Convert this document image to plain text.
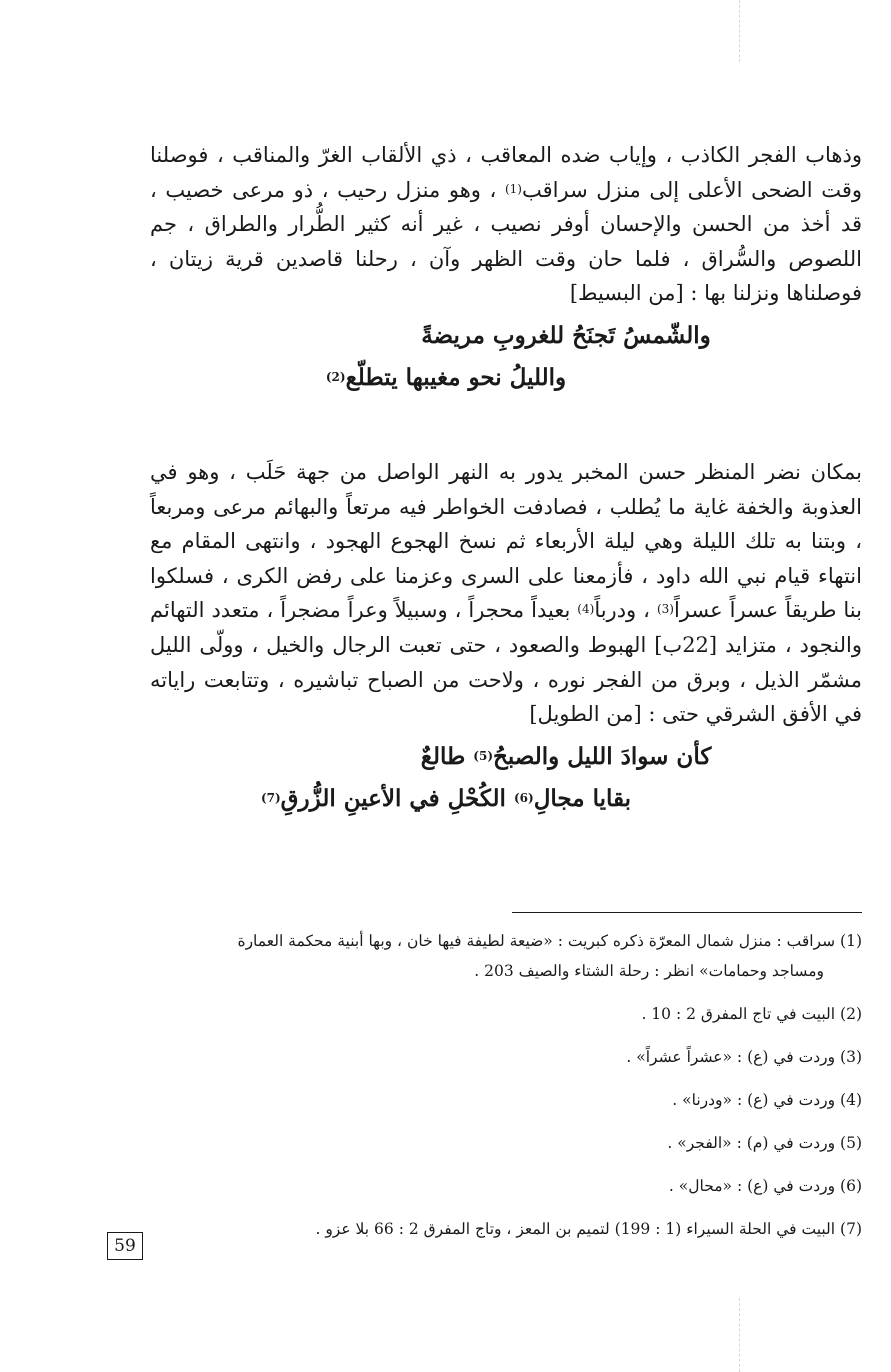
وذهاب الفجر الكاذب ، وإياب ضده المعاقب ، ذي الألقاب الغرّ والمناقب ، فوصلنا وقت الضحى الأعلى إلى منزل سراقب$^{(1)}$ ، وهو منزل رحيب ، ذو مرعى خصيب ، قد أخذ من الحسن والإحسان أوفر نصيب ، غير أنه كثير الطُّرار والطراق ، جم اللصوص والسُّراق ، فلما حان وقت الظهر وآن ، رحلنا قاصدين قرية زيتان ، فوصلناها ونزلنا بها : [من البسيط]

والشّمسُ تَجنَحُ للغروبِ مريضةً
والليلُ نحو مغيبها يتطلّع$^{(2)}$

بمكان نضر المنظر حسن المخبر يدور به النهر الواصل من جهة حَلَب ، وهو في العذوبة والخفة غاية ما يُطلب ، فصادفت الخواطر فيه مرتعاً والبهائم مرعى ومربعاً ، وبتنا به تلك الليلة وهي ليلة الأربعاء ثم نسخ الهجوع الهجود ، وانتهى المقام مع انتهاء قيام نبي الله داود ، فأزمعنا على السرى وعزمنا على رفض الكرى ، فسلكوا بنا طريقاً عسراً عسراً$^{(3)}$ ، ودرباً$^{(4)}$ بعيداً محجراً ، وسبيلاً وعراً مضجراً ، متعدد التهائم والنجود ، متزايد [22ب] الهبوط والصعود ، حتى تعبت الرجال والخيل ، وولّى الليل مشمّر الذيل ، وبرق من الفجر نوره ، ولاحت من الصباح تباشيره ، وتتابعت راياته في الأفق الشرقي حتى : [من الطويل]

كأن سوادَ الليل والصبحُ$^{(5)}$ طالعٌ
بقايا مجالِ$^{(6)}$ الكُحْلِ في الأعينِ الزُّرقِ$^{(7)}$

(1) سراقب : منزل شمال المعرّة ذكره كبريت : «ضيعة لطيفة فيها خان ، وبها أبنية محكمة العمارة

ومساجد وحمامات» انظر : رحلة الشتاء والصيف 203 .

(2) البيت في تاج المفرق 2 : 10 .

(3) وردت في (ع) : «عشراً عشراً» .

(4) وردت في (ع) : «ودرنا» .

(5) وردت في (م) : «الفجر» .

(6) وردت في (ع) : «محال» .

(7) البيت في الحلة السيراء (1 : 199) لتميم بن المعز ، وتاج المفرق 2 : 66 بلا عزو .

59
